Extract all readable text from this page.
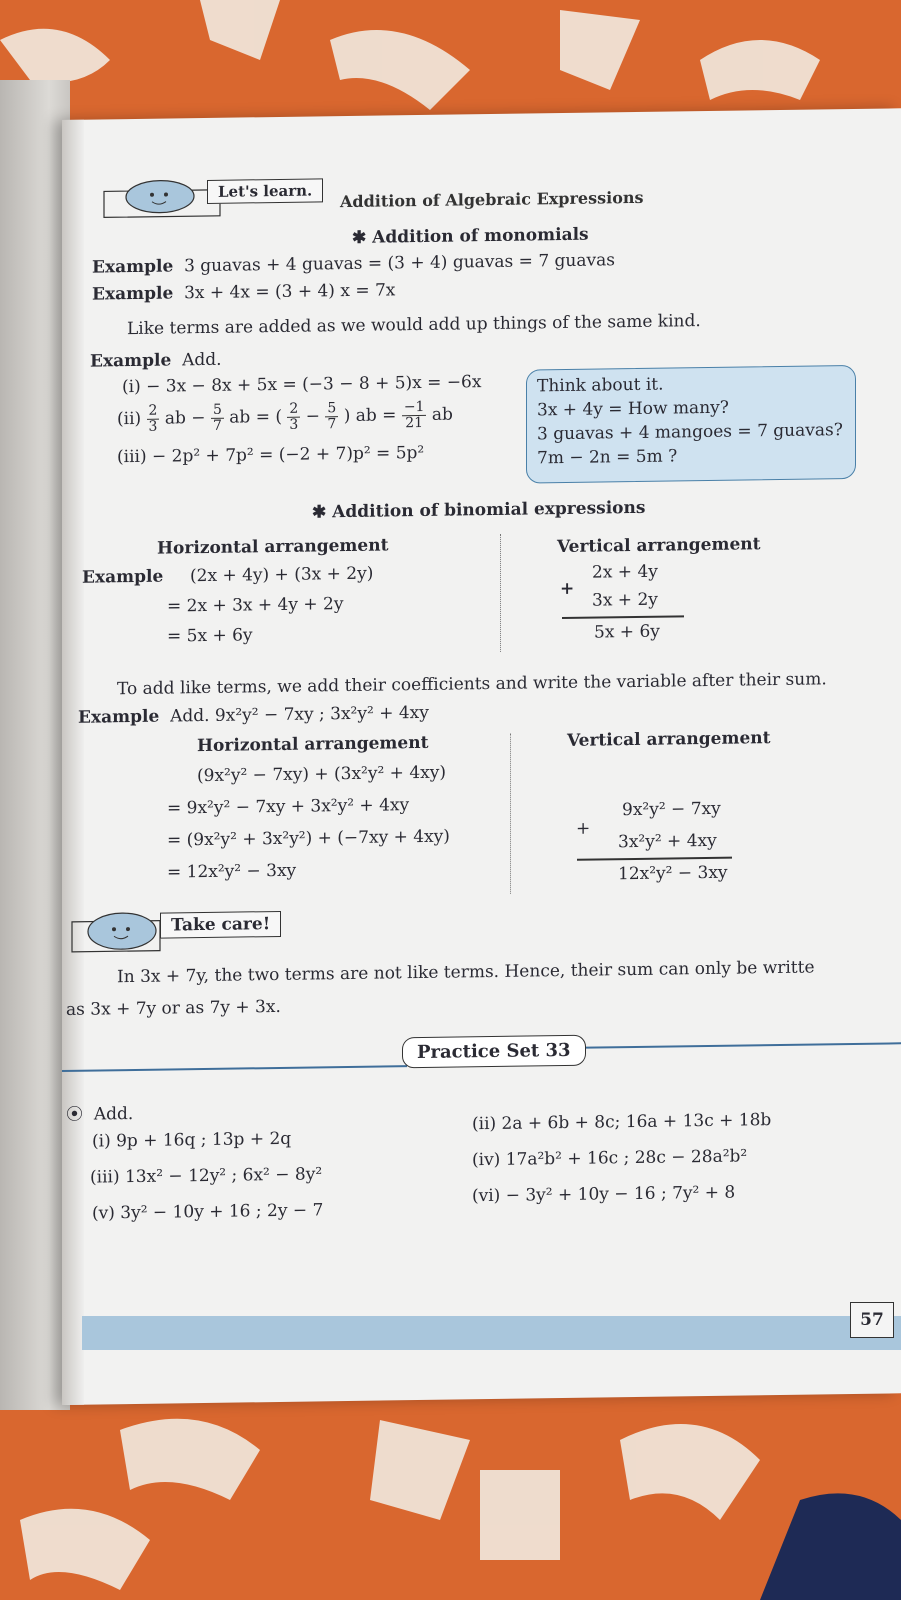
Let's learn.	Addition of Algebraic Expressions
✱ Addition of monomials
Example 3 guavas + 4 guavas = (3 + 4) guavas = 7 guavas
Example 3x + 4x = (3 + 4) x = 7x
Like terms are added as we would add up things of the same kind.
Example Add.
(i) − 3x − 8x + 5x = (−3 − 8 + 5)x = −6x
$(ii) \frac{2}{3}$ ab − $\frac{5}{7}$ ab = ( $\frac{2}{3} - \frac{5}{7}$ ) ab = $\frac{-1}{21}$ ab
(iii) − 2p² + 7p² = (−2 + 7)p² = 5p²
Think about it.
3x + 4y = How many?
3 guavas + 4 mangoes = 7 guavas?
7m − 2n = 5m ?
✱ Addition of binomial expressions
Horizontal arrangement	Vertical arrangement
Example (2x + 4y) + (3x + 2y)
= 2x + 3x + 4y + 2y
= 5x + 6y
2x + 4y
+
3x + 2y
5x + 6y
To add like terms, we add their coefficients and write the variable after their sum.
Example Add. 9x²y² − 7xy ; 3x²y² + 4xy
Horizontal arrangement	Vertical arrangement
(9x²y² − 7xy) + (3x²y² + 4xy)
= 9x²y² − 7xy + 3x²y² + 4xy
= (9x²y² + 3x²y²) + (−7xy + 4xy)
= 12x²y² − 3xy
9x²y² − 7xy
+
3x²y² + 4xy
12x²y² − 3xy
Take care!
In 3x + 7y, the two terms are not like terms. Hence, their sum can only be writte
as 3x + 7y or as 7y + 3x.
Practice Set 33
⦿ Add.
(i) 9p + 16q ; 13p + 2q
(ii) 2a + 6b + 8c; 16a + 13c + 18b
(iii) 13x² − 12y² ; 6x² − 8y²
(iv) 17a²b² + 16c ; 28c − 28a²b²
(v) 3y² − 10y + 16 ; 2y − 7
(vi) − 3y² + 10y − 16 ; 7y² + 8
57
